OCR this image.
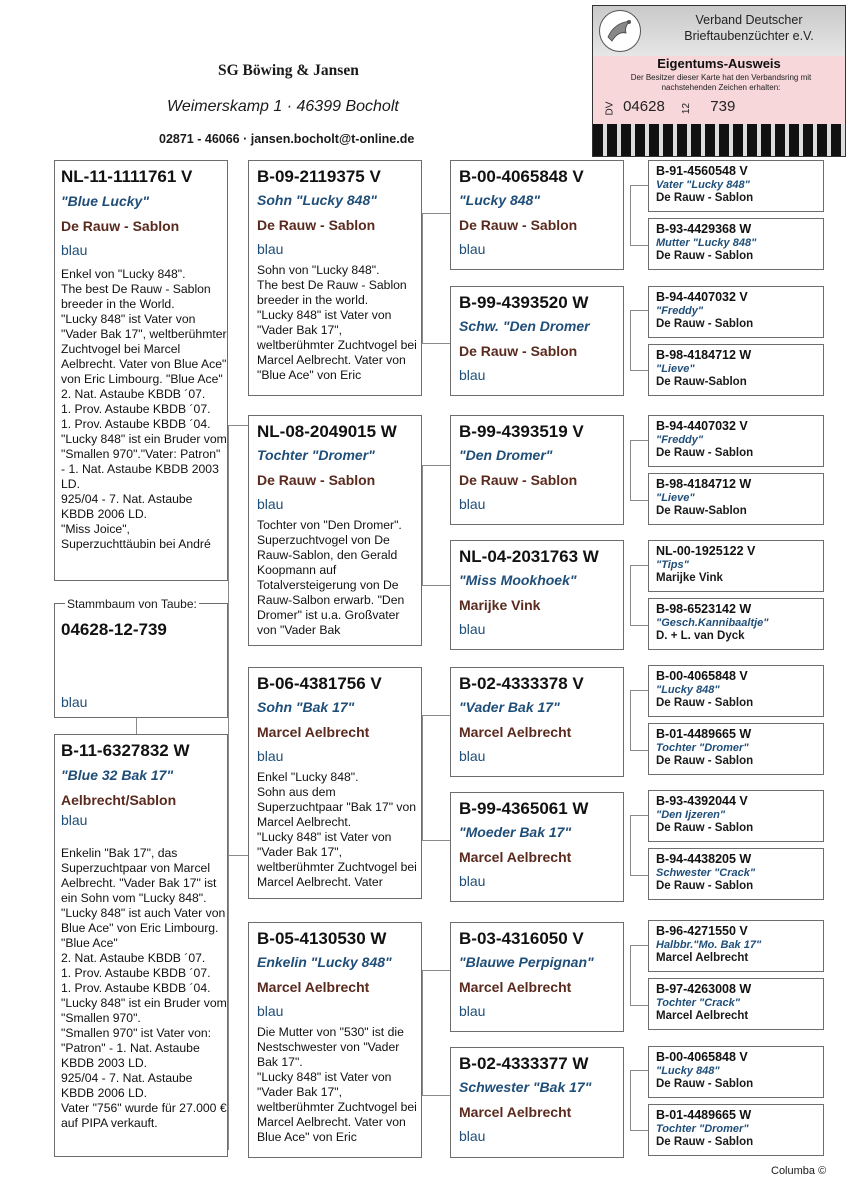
SG Böwing & Jansen
Weimerskamp 1 · 46399 Bocholt
02871 - 46066 · jansen.bocholt@t-online.de
Verband Deutscher
Brieftaubenzüchter e.V.
Eigentums-Ausweis
Der Besitzer dieser Karte hat den Verbandsring mit nachstehenden Zeichen erhalten:
DV 04628 12 739
NL-11-1111761 V
"Blue Lucky"
De Rauw - Sablon
blau
Enkel von "Lucky 848".
The best De Rauw - Sablon breeder in the World.
"Lucky 848" ist Vater von "Vader Bak 17", weltberühmter Zuchtvogel bei Marcel Aelbrecht. Vater von Blue Ace" von Eric Limbourg. "Blue Ace"
2. Nat. Astaube KBDB ´07.
1. Prov. Astaube KBDB ´07.
1. Prov. Astaube KBDB ´04.
"Lucky 848" ist ein Bruder vom "Smallen 970"."Vater: Patron" - 1. Nat. Astaube KBDB 2003 LD.
925/04 - 7. Nat. Astaube KBDB 2006 LD.
"Miss Joice", Superzuchttäubin bei André
04628-12-739
blau
Stammbaum von Taube:
B-11-6327832 W
"Blue 32 Bak 17"
Aelbrecht/Sablon
blau
Enkelin "Bak 17", das Superzuchtpaar von Marcel Aelbrecht. "Vader Bak 17" ist ein Sohn vom "Lucky 848".
"Lucky 848" ist auch Vater von Blue Ace" von Eric Limbourg. "Blue Ace"
2. Nat. Astaube KBDB ´07.
1. Prov. Astaube KBDB ´07.
1. Prov. Astaube KBDB ´04.
"Lucky 848" ist ein Bruder vom "Smallen 970".
"Smallen 970" ist Vater von: "Patron" - 1. Nat. Astaube KBDB 2003 LD.
925/04 - 7. Nat. Astaube KBDB 2006 LD.
Vater "756" wurde für 27.000 € auf PIPA verkauft.
B-09-2119375 V
Sohn "Lucky 848"
De Rauw - Sablon
blau
Sohn von "Lucky 848".
The best De Rauw - Sablon breeder in the world.
"Lucky 848" ist Vater von "Vader Bak 17", weltberühmter Zuchtvogel bei Marcel Aelbrecht. Vater von "Blue Ace" von Eric
NL-08-2049015 W
Tochter "Dromer"
De Rauw - Sablon
blau
Tochter von "Den Dromer". Superzuchtvogel von De Rauw-Sablon, den Gerald Koopmann auf Totalversteigerung von De Rauw-Salbon erwarb. "Den Dromer" ist u.a. Großvater von "Vader Bak
B-06-4381756 V
Sohn "Bak 17"
Marcel Aelbrecht
blau
Enkel "Lucky 848".
Sohn aus dem Superzuchtpaar "Bak 17" von Marcel Aelbrecht.
"Lucky 848" ist Vater von "Vader Bak 17", weltberühmter Zuchtvogel bei Marcel Aelbrecht. Vater
B-05-4130530 W
Enkelin "Lucky 848"
Marcel Aelbrecht
blau
Die Mutter von "530" ist die Nestschwester von "Vader Bak 17".
"Lucky 848" ist Vater von "Vader Bak 17", weltberühmter Zuchtvogel bei Marcel Aelbrecht. Vater von Blue Ace" von Eric
B-00-4065848 V
"Lucky 848"
De Rauw - Sablon
blau
B-99-4393520 W
Schw. "Den Dromer
De Rauw - Sablon
blau
B-99-4393519 V
"Den Dromer"
De Rauw - Sablon
blau
NL-04-2031763 W
"Miss Mookhoek"
Marijke Vink
blau
B-02-4333378 V
"Vader Bak 17"
Marcel Aelbrecht
blau
B-99-4365061 W
"Moeder Bak 17"
Marcel Aelbrecht
blau
B-03-4316050 V
"Blauwe Perpignan"
Marcel Aelbrecht
blau
B-02-4333377 W
Schwester "Bak 17"
Marcel Aelbrecht
blau
B-91-4560548 V
Vater "Lucky 848"
De Rauw - Sablon
B-93-4429368 W
Mutter "Lucky 848"
De Rauw - Sablon
B-94-4407032 V
"Freddy"
De Rauw - Sablon
B-98-4184712 W
"Lieve"
De Rauw-Sablon
B-94-4407032 V
"Freddy"
De Rauw - Sablon
B-98-4184712 W
"Lieve"
De Rauw-Sablon
NL-00-1925122 V
"Tips"
Marijke Vink
B-98-6523142 W
"Gesch.Kannibaaltje"
D. + L. van Dyck
B-00-4065848 V
"Lucky 848"
De Rauw - Sablon
B-01-4489665 W
Tochter "Dromer"
De Rauw - Sablon
B-93-4392044 V
"Den Ijzeren"
De Rauw - Sablon
B-94-4438205 W
Schwester "Crack"
De Rauw - Sablon
B-96-4271550 V
Halbbr."Mo. Bak 17"
Marcel Aelbrecht
B-97-4263008 W
Tochter "Crack"
Marcel Aelbrecht
B-00-4065848 V
"Lucky 848"
De Rauw - Sablon
B-01-4489665 W
Tochter "Dromer"
De Rauw - Sablon
Columba ©
